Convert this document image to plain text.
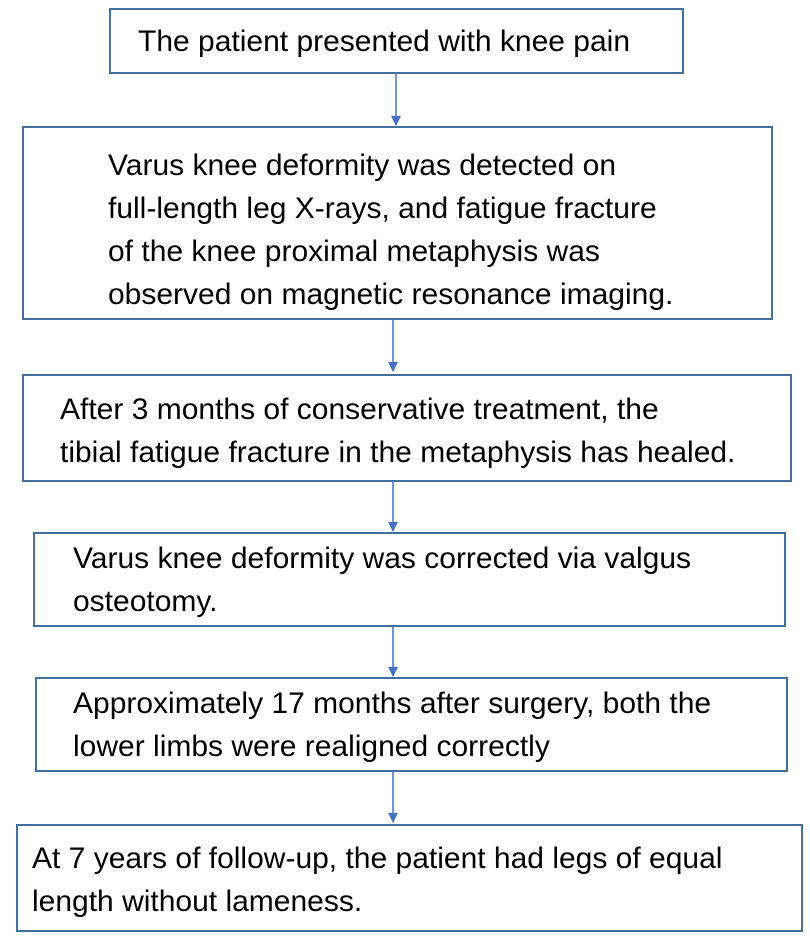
The patient presented with knee pain

Varus knee deformity was detected on

full-length leg X-rays, and fatigue fracture

of the knee proximal metaphysis was

observed on magnetic resonance imaging.

After 3 months of conservative treatment, the

tibial fatigue fracture in the metaphysis has healed.

Varus knee deformity was corrected via valgus

osteotomy.

Approximately 17 months after surgery, both the

lower limbs were realigned correctly

At 7 years of follow-up, the patient had legs of equal

length without lameness.
